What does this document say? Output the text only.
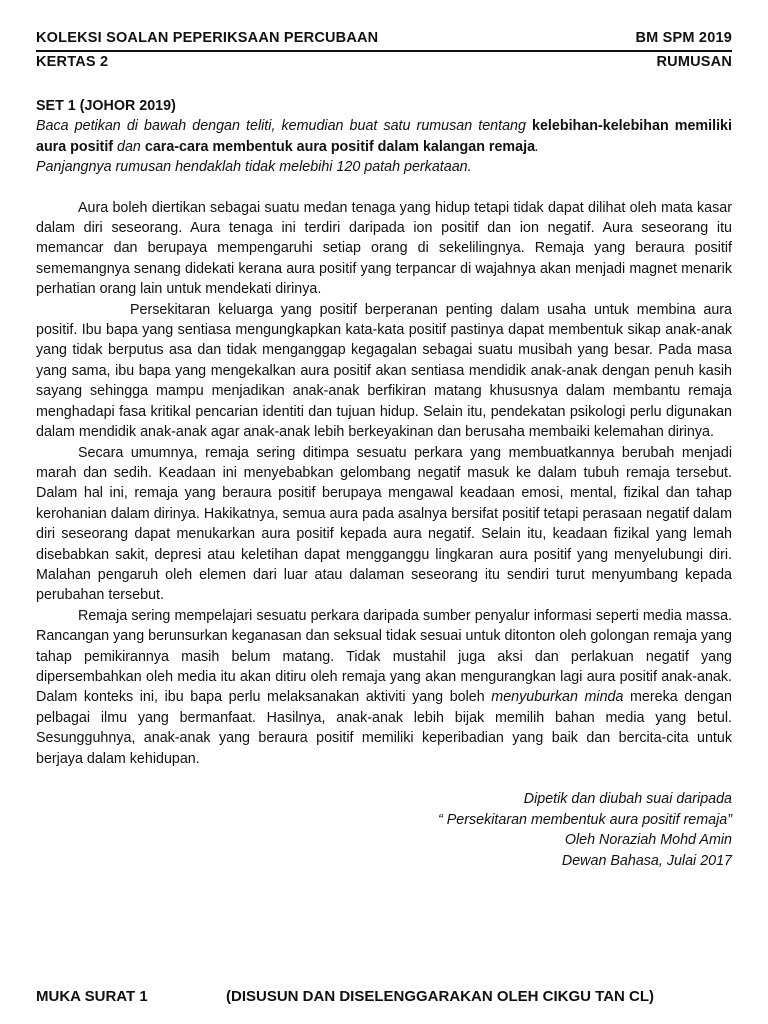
KOLEKSI SOALAN PEPERIKSAAN PERCUBAAN	BM SPM 2019
KERTAS 2	RUMUSAN
SET 1 (JOHOR 2019)
Baca petikan di bawah dengan teliti, kemudian buat satu rumusan tentang kelebihan-kelebihan memiliki aura positif dan cara-cara membentuk aura positif dalam kalangan remaja.
Panjangnya rumusan hendaklah tidak melebihi 120 patah perkataan.

Aura boleh diertikan sebagai suatu medan tenaga yang hidup tetapi tidak dapat dilihat oleh mata kasar dalam diri seseorang. Aura tenaga ini terdiri daripada ion positif dan ion negatif. Aura seseorang itu memancar dan berupaya mempengaruhi setiap orang di sekelilingnya. Remaja yang beraura positif sememangnya senang didekati kerana aura positif yang terpancar di wajahnya akan menjadi magnet menarik perhatian orang lain untuk mendekati dirinya.

Persekitaran keluarga yang positif berperanan penting dalam usaha untuk membina aura positif. Ibu bapa yang sentiasa mengungkapkan kata-kata positif pastinya dapat membentuk sikap anak-anak yang tidak berputus asa dan tidak menganggap kegagalan sebagai suatu musibah yang besar. Pada masa yang sama, ibu bapa yang mengekalkan aura positif akan sentiasa mendidik anak-anak dengan penuh kasih sayang sehingga mampu menjadikan anak-anak berfikiran matang khususnya dalam membantu remaja menghadapi fasa kritikal pencarian identiti dan tujuan hidup. Selain itu, pendekatan psikologi perlu digunakan dalam mendidik anak-anak agar anak-anak lebih berkeyakinan dan berusaha membaiki kelemahan dirinya.

Secara umumnya, remaja sering ditimpa sesuatu perkara yang membuatkannya berubah menjadi marah dan sedih. Keadaan ini menyebabkan gelombang negatif masuk ke dalam tubuh remaja tersebut. Dalam hal ini, remaja yang beraura positif berupaya mengawal keadaan emosi, mental, fizikal dan tahap kerohanian dalam dirinya. Hakikatnya, semua aura pada asalnya bersifat positif tetapi perasaan negatif dalam diri seseorang dapat menukarkan aura positif kepada aura negatif. Selain itu, keadaan fizikal yang lemah disebabkan sakit, depresi atau keletihan dapat mengganggu lingkaran aura positif yang menyelubungi diri. Malahan pengaruh oleh elemen dari luar atau dalaman seseorang itu sendiri turut menyumbang kepada perubahan tersebut.

Remaja sering mempelajari sesuatu perkara daripada sumber penyalur informasi seperti media massa. Rancangan yang berunsurkan keganasan dan seksual tidak sesuai untuk ditonton oleh golongan remaja yang tahap pemikirannya masih belum matang. Tidak mustahil juga aksi dan perlakuan negatif yang dipersembahkan oleh media itu akan ditiru oleh remaja yang akan mengurangkan lagi aura positif anak-anak. Dalam konteks ini, ibu bapa perlu melaksanakan aktiviti yang boleh menyuburkan minda mereka dengan pelbagai ilmu yang bermanfaat. Hasilnya, anak-anak lebih bijak memilih bahan media yang betul. Sesungguhnya, anak-anak yang beraura positif memiliki keperibadian yang baik dan bercita-cita untuk berjaya dalam kehidupan.

Dipetik dan diubah suai daripada
“ Persekitaran membentuk aura positif remaja”
Oleh Noraziah Mohd Amin
Dewan Bahasa, Julai 2017
MUKA SURAT 1	(DISUSUN DAN DISELENGGARAKAN OLEH CIKGU TAN CL)
